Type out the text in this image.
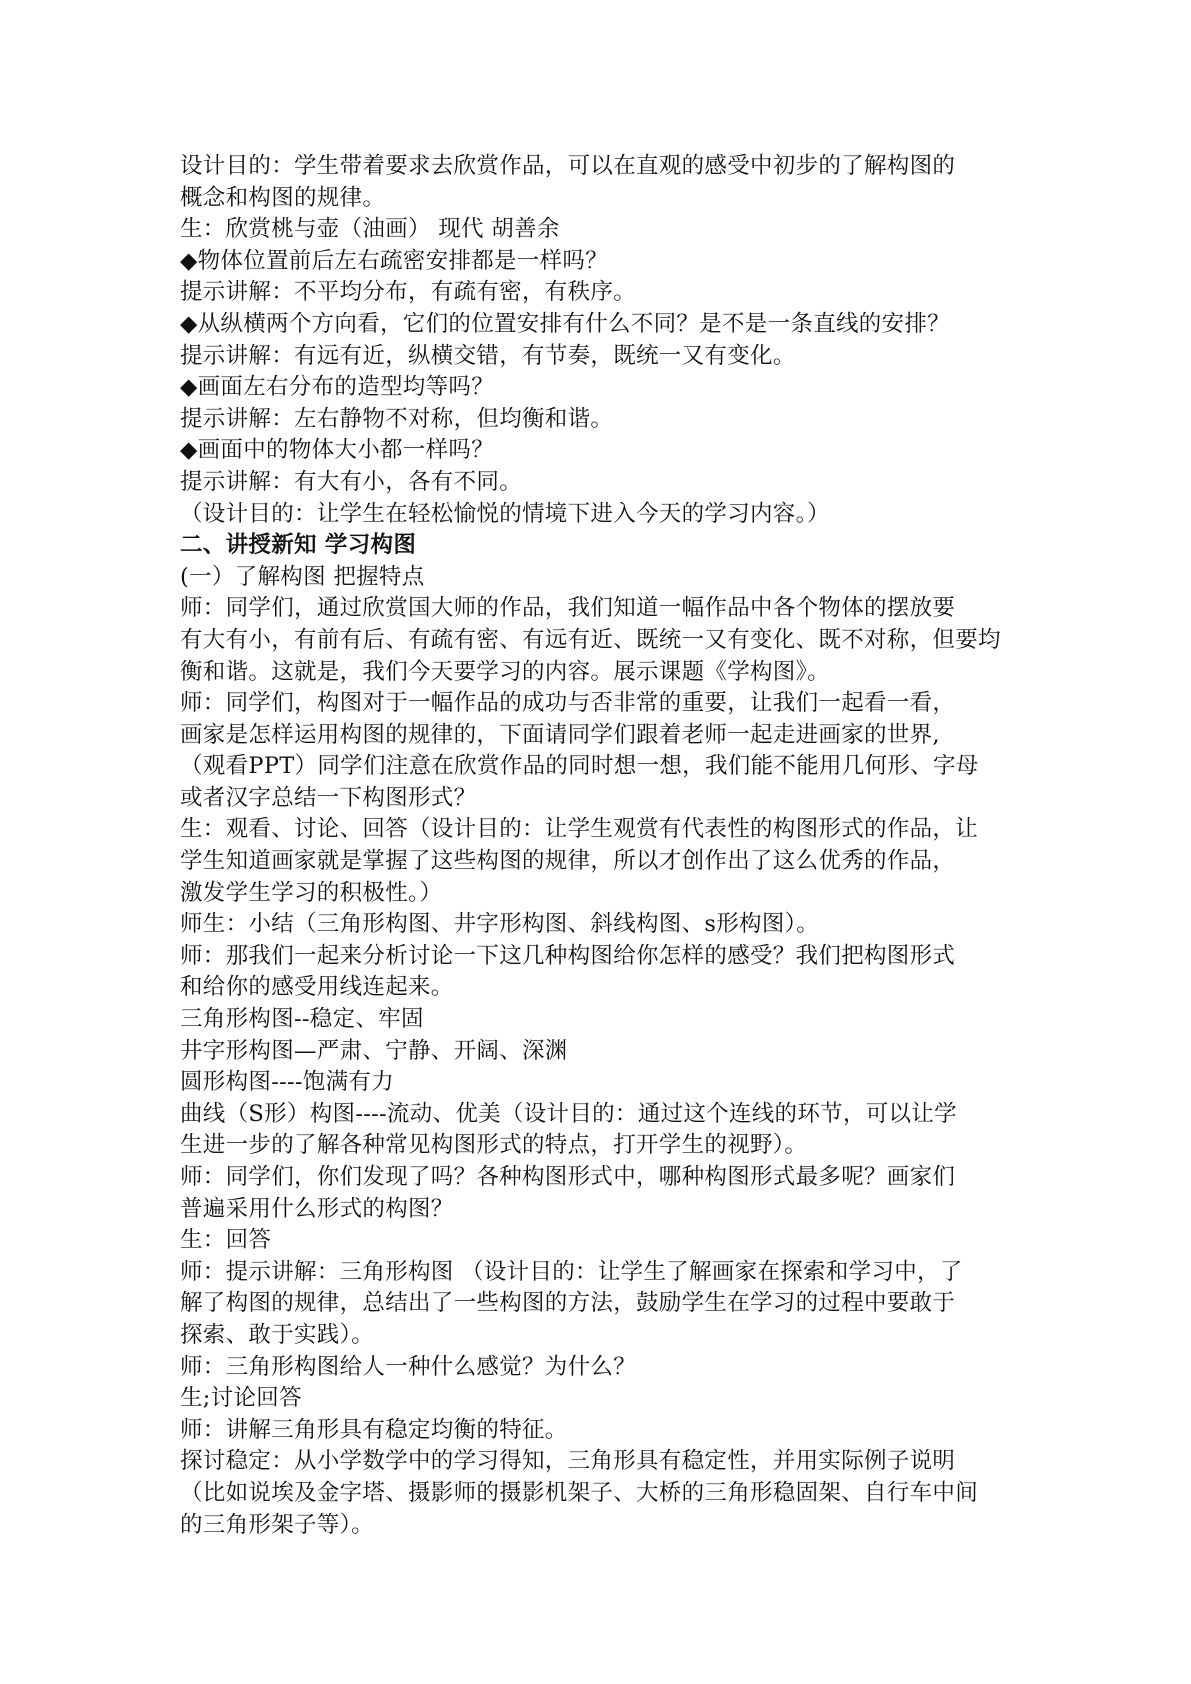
设计目的：学生带着要求去欣赏作品，可以在直观的感受中初步的了解构图的

概念和构图的规律。

生：欣赏桃与壶（油画） 现代 胡善余

◆物体位置前后左右疏密安排都是一样吗？

提示讲解：不平均分布，有疏有密，有秩序。

◆从纵横两个方向看，它们的位置安排有什么不同？是不是一条直线的安排？

提示讲解：有远有近，纵横交错，有节奏，既统一又有变化。

◆画面左右分布的造型均等吗？

提示讲解：左右静物不对称，但均衡和谐。

◆画面中的物体大小都一样吗？

提示讲解：有大有小，各有不同。

（设计目的：让学生在轻松愉悦的情境下进入今天的学习内容。）

二、讲授新知 学习构图

(一）了解构图 把握特点

师：同学们，通过欣赏国大师的作品，我们知道一幅作品中各个物体的摆放要

有大有小，有前有后、有疏有密、有远有近、既统一又有变化、既不对称，但要均

衡和谐。这就是，我们今天要学习的内容。展示课题《学构图》。

师：同学们，构图对于一幅作品的成功与否非常的重要，让我们一起看一看，

画家是怎样运用构图的规律的，下面请同学们跟着老师一起走进画家的世界,

（观看PPT）同学们注意在欣赏作品的同时想一想，我们能不能用几何形、字母

或者汉字总结一下构图形式？

生：观看、讨论、回答（设计目的：让学生观赏有代表性的构图形式的作品，让

学生知道画家就是掌握了这些构图的规律，所以才创作出了这么优秀的作品，

激发学生学习的积极性。）

师生：小结（三角形构图、井字形构图、斜线构图、s形构图）。

师：那我们一起来分析讨论一下这几种构图给你怎样的感受？我们把构图形式

和给你的感受用线连起来。

三角形构图--稳定、牢固

井字形构图—严肃、宁静、开阔、深渊

圆形构图----饱满有力

曲线（S形）构图----流动、优美（设计目的：通过这个连线的环节，可以让学

生进一步的了解各种常见构图形式的特点，打开学生的视野）。

师：同学们，你们发现了吗？各种构图形式中，哪种构图形式最多呢？画家们

普遍采用什么形式的构图？

生：回答

师：提示讲解：三角形构图 （设计目的：让学生了解画家在探索和学习中，了

解了构图的规律，总结出了一些构图的方法，鼓励学生在学习的过程中要敢于

探索、敢于实践）。

师：三角形构图给人一种什么感觉？为什么？

生;讨论回答

师：讲解三角形具有稳定均衡的特征。

探讨稳定：从小学数学中的学习得知，三角形具有稳定性，并用实际例子说明

（比如说埃及金字塔、摄影师的摄影机架子、大桥的三角形稳固架、自行车中间

的三角形架子等）。
